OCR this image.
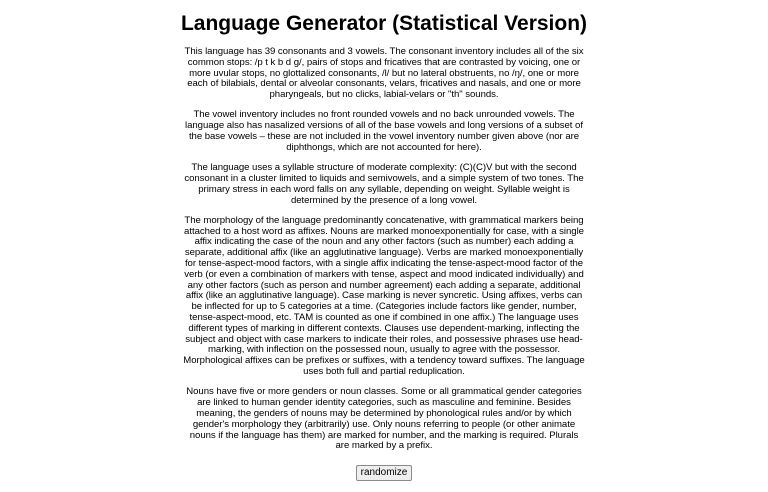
Language Generator (Statistical Version)

This language has 39 consonants and 3 vowels. The consonant inventory includes all of the six common stops: /p t k b d g/, pairs of stops and fricatives that are contrasted by voicing, one or more uvular stops, no glottalized consonants, /l/ but no lateral obstruents, no /ŋ/, one or more each of bilabials, dental or alveolar consonants, velars, fricatives and nasals, and one or more pharyngeals, but no clicks, labial-velars or "th" sounds.

The vowel inventory includes no front rounded vowels and no back unrounded vowels. The language also has nasalized versions of all of the base vowels and long versions of a subset of the base vowels – these are not included in the vowel inventory number given above (nor are diphthongs, which are not accounted for here).

The language uses a syllable structure of moderate complexity: (C)(C)V but with the second consonant in a cluster limited to liquids and semivowels, and a simple system of two tones. The primary stress in each word falls on any syllable, depending on weight. Syllable weight is determined by the presence of a long vowel.

The morphology of the language predominantly concatenative, with grammatical markers being attached to a host word as affixes. Nouns are marked monoexponentially for case, with a single affix indicating the case of the noun and any other factors (such as number) each adding a separate, additional affix (like an agglutinative language). Verbs are marked monoexponentially for tense-aspect-mood factors, with a single affix indicating the tense-aspect-mood factor of the verb (or even a combination of markers with tense, aspect and mood indicated individually) and any other factors (such as person and number agreement) each adding a separate, additional affix (like an agglutinative language). Case marking is never syncretic. Using affixes, verbs can be inflected for up to 5 categories at a time. (Categories include factors like gender, number, tense-aspect-mood, etc. TAM is counted as one if combined in one affix.) The language uses different types of marking in different contexts. Clauses use dependent-marking, inflecting the subject and object with case markers to indicate their roles, and possessive phrases use head-marking, with inflection on the possessed noun, usually to agree with the possessor. Morphological affixes can be prefixes or suffixes, with a tendency toward suffixes. The language uses both full and partial reduplication.

Nouns have five or more genders or noun classes. Some or all grammatical gender categories are linked to human gender identity categories, such as masculine and feminine. Besides meaning, the genders of nouns may be determined by phonological rules and/or by which gender's morphology they (arbitrarily) use. Only nouns referring to people (or other animate nouns if the language has them) are marked for number, and the marking is required. Plurals are marked by a prefix.

randomize
